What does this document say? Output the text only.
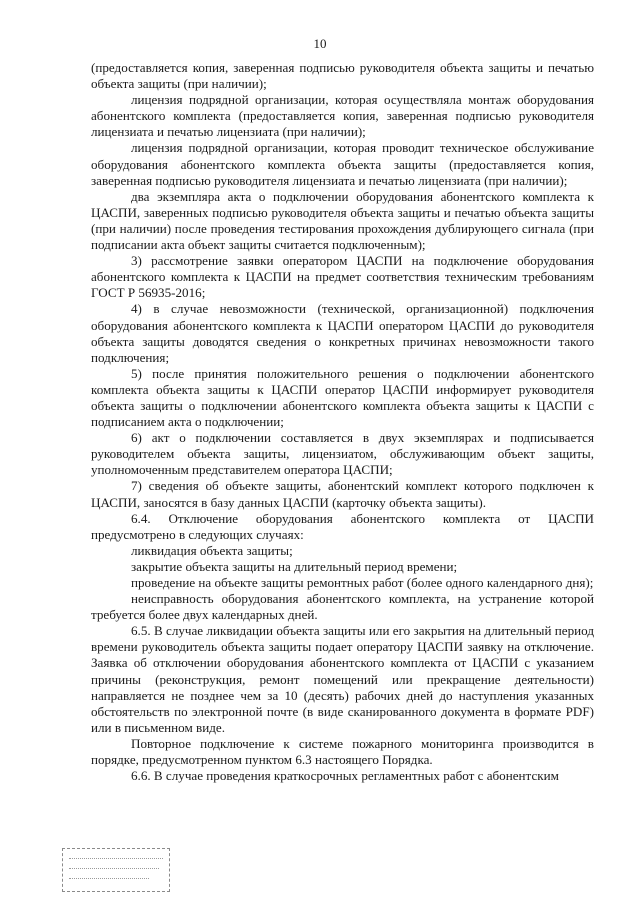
10

(предоставляется копия, заверенная подписью руководителя объекта защиты и печатью объекта защиты (при наличии);

лицензия подрядной организации, которая осуществляла монтаж оборудования абонентского комплекта (предоставляется копия, заверенная подписью руководителя лицензиата и печатью лицензиата (при наличии);

лицензия подрядной организации, которая проводит техническое обслуживание оборудования абонентского комплекта объекта защиты (предоставляется копия, заверенная подписью руководителя лицензиата и печатью лицензиата (при наличии);

два экземпляра акта о подключении оборудования абонентского комплекта к ЦАСПИ, заверенных подписью руководителя объекта защиты и печатью объекта защиты (при наличии) после проведения тестирования прохождения дублирующего сигнала (при подписании акта объект защиты считается подключенным);

3) рассмотрение заявки оператором ЦАСПИ на подключение оборудования абонентского комплекта к ЦАСПИ на предмет соответствия техническим требованиям ГОСТ Р 56935-2016;

4) в случае невозможности (технической, организационной) подключения оборудования абонентского комплекта к ЦАСПИ оператором ЦАСПИ до руководителя объекта защиты доводятся сведения о конкретных причинах невозможности такого подключения;

5) после принятия положительного решения о подключении абонентского комплекта объекта защиты к ЦАСПИ оператор ЦАСПИ информирует руководителя объекта защиты о подключении абонентского комплекта объекта защиты к ЦАСПИ с подписанием акта о подключении;

6) акт о подключении составляется в двух экземплярах и подписывается руководителем объекта защиты, лицензиатом, обслуживающим объект защиты, уполномоченным представителем оператора ЦАСПИ;

7) сведения об объекте защиты, абонентский комплект которого подключен к ЦАСПИ, заносятся в базу данных ЦАСПИ (карточку объекта защиты).

6.4. Отключение оборудования абонентского комплекта от ЦАСПИ предусмотрено в следующих случаях:

ликвидация объекта защиты;

закрытие объекта защиты на длительный период времени;

проведение на объекте защиты ремонтных работ (более одного календарного дня);

неисправность оборудования абонентского комплекта, на устранение которой требуется более двух календарных дней.

6.5. В случае ликвидации объекта защиты или его закрытия на длительный период времени руководитель объекта защиты подает оператору ЦАСПИ заявку на отключение. Заявка об отключении оборудования абонентского комплекта от ЦАСПИ с указанием причины (реконструкция, ремонт помещений или прекращение деятельности) направляется не позднее чем за 10 (десять) рабочих дней до наступления указанных обстоятельств по электронной почте (в виде сканированного документа в формате PDF) или в письменном виде.

Повторное подключение к системе пожарного мониторинга производится в порядке, предусмотренном пунктом 6.3 настоящего Порядка.

6.6. В случае проведения краткосрочных регламентных работ с абонентским
